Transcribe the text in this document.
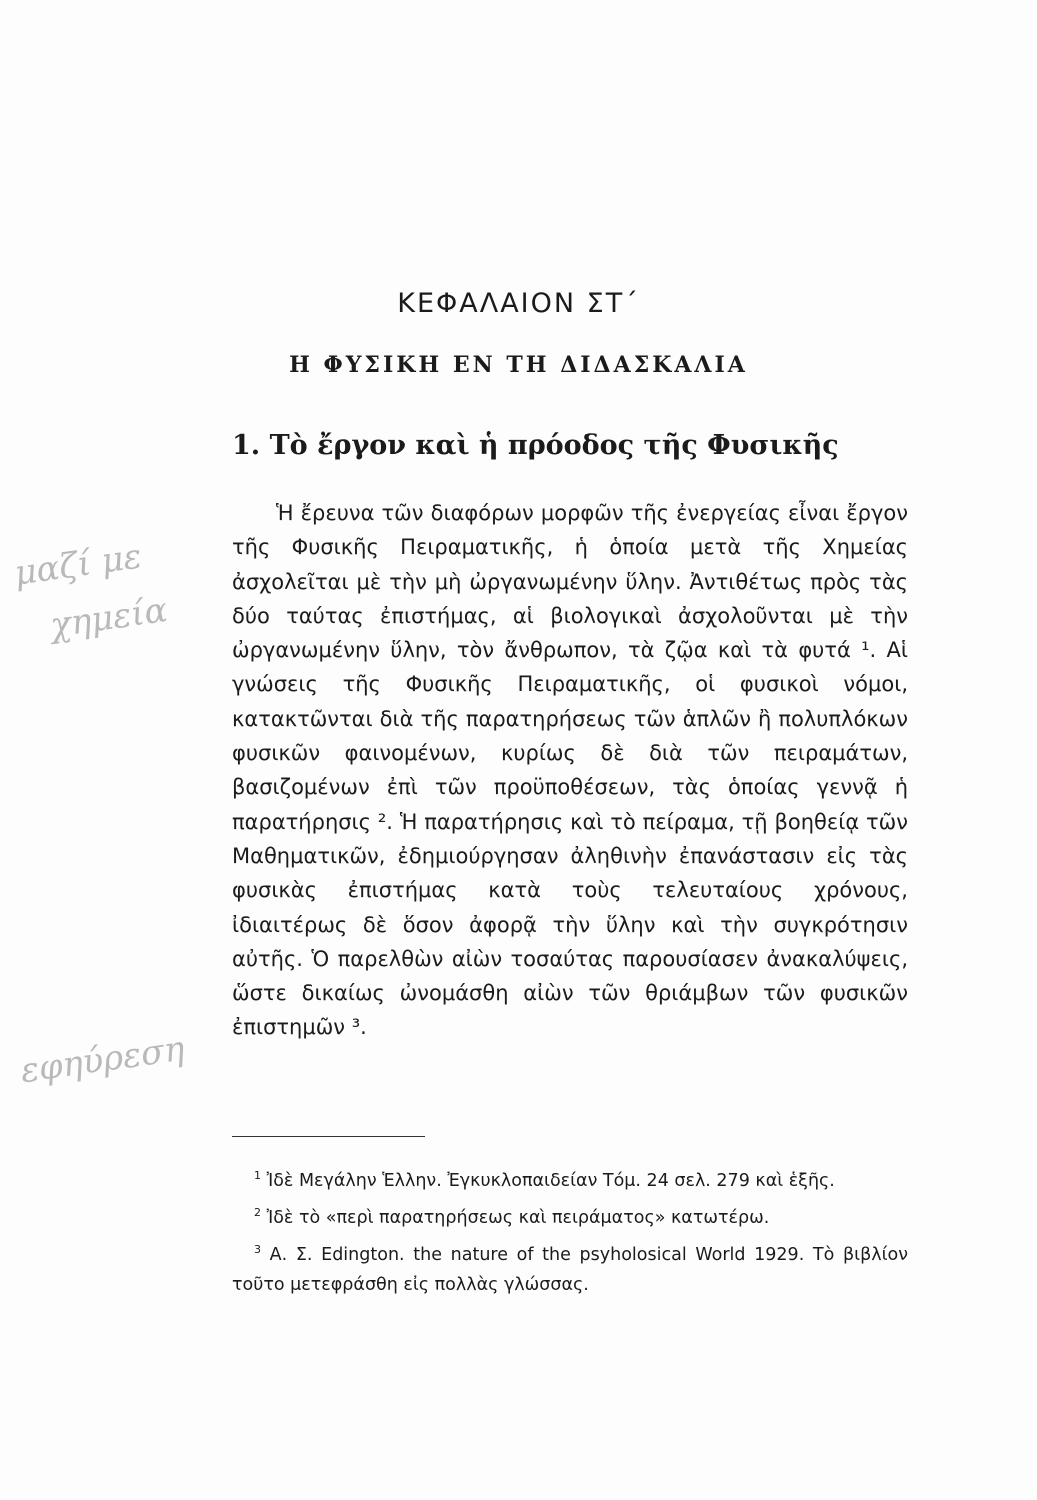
ΚΕΦΑΛΑΙΟΝ ΣΤ΄
Η ΦΥΣΙΚΗ ΕΝ ΤΗ ΔΙΔΑΣΚΑΛΙΑ
1. Τὸ ἔργον καὶ ἡ πρόοδος τῆς Φυσικῆς

Ἡ ἔρευνα τῶν διαφόρων μορφῶν τῆς ἐνεργείας εἶναι ἔργον τῆς Φυσικῆς Πειραματικῆς, ἡ ὁποία μετὰ τῆς Χημείας ἀσχολεῖται μὲ τὴν μὴ ὠργανωμένην ὕλην. Ἀντιθέτως πρὸς τὰς δύο ταύτας ἐπιστήμας, αἱ βιολογικαὶ ἀσχολοῦνται μὲ τὴν ὠργανωμένην ὕλην, τὸν ἄνθρωπον, τὰ ζῷα καὶ τὰ φυτά ¹. Αἱ γνώσεις τῆς Φυσικῆς Πειραματικῆς, οἱ φυσικοὶ νόμοι, κατακτῶνται διὰ τῆς παρατηρήσεως τῶν ἁπλῶν ἢ πολυπλόκων φυσικῶν φαινομένων, κυρίως δὲ διὰ τῶν πειραμάτων, βασιζομένων ἐπὶ τῶν προϋποθέσεων, τὰς ὁποίας γεννᾷ ἡ παρατήρησις ². Ἡ παρατήρησις καὶ τὸ πείραμα, τῇ βοηθείᾳ τῶν Μαθηματικῶν, ἐδημιούργησαν ἀληθινὴν ἐπανάστασιν εἰς τὰς φυσικὰς ἐπιστήμας κατὰ τοὺς τελευταίους χρόνους, ἰδιαιτέρως δὲ ὅσον ἀφορᾷ τὴν ὕλην καὶ τὴν συγκρότησιν αὐτῆς. Ὁ παρελθὼν αἰὼν τοσαύτας παρουσίασεν ἀνακαλύψεις, ὥστε δικαίως ὠνομάσθη αἰὼν τῶν θριάμβων τῶν φυσικῶν ἐπιστημῶν ³.

$^1$ Ἰδὲ Μεγάλην Ἑλλην. Ἐγκυκλοπαιδείαν Τόμ. 24 σελ. 279 καὶ ἑξῆς.

$^2$ Ἰδὲ τὸ «περὶ παρατηρήσεως καὶ πειράματος» κατωτέρω.

$^3$ Α. Σ. Edington. the nature of the psyholosical World 1929. Τὸ βιβλίον τοῦτο μετεφράσθη εἰς πολλὰς γλώσσας.

μαζί με
χημεία
εφηύρεση
